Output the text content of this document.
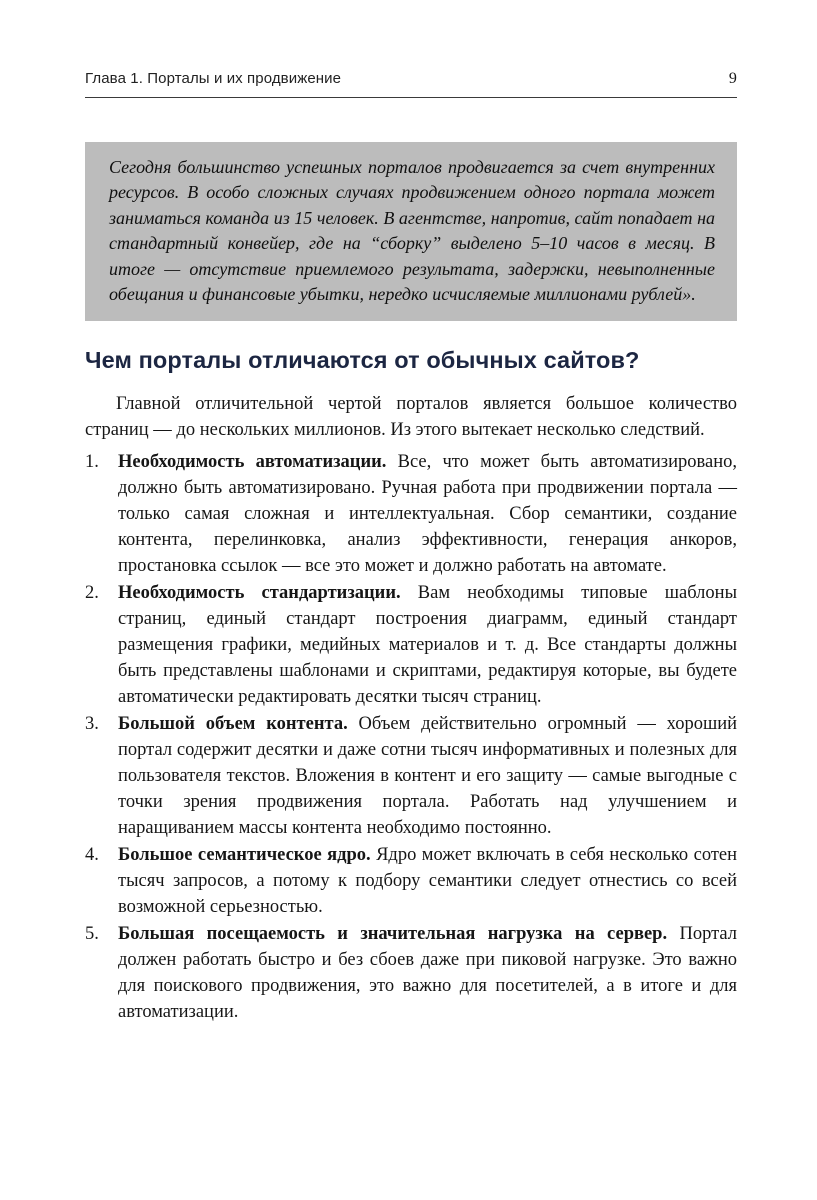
Глава 1. Порталы и их продвижение	9
Сегодня большинство успешных порталов продвигается за счет внутренних ресурсов. В особо сложных случаях продвижением одного портала может заниматься команда из 15 человек. В агентстве, напротив, сайт попадает на стандартный конвейер, где на “сборку” выделено 5–10 часов в месяц. В итоге — отсутствие приемлемого результата, задержки, невыполненные обещания и финансовые убытки, нередко исчисляемые миллионами рублей».
Чем порталы отличаются от обычных сайтов?

Главной отличительной чертой порталов является большое количество страниц — до нескольких миллионов. Из этого вытекает несколько следствий.

1.	Необходимость автоматизации. Все, что может быть автоматизировано, должно быть автоматизировано. Ручная работа при продвижении портала — только самая сложная и интеллектуальная. Сбор семантики, создание контента, перелинковка, анализ эффективности, генерация анкоров, простановка ссылок — все это может и должно работать на автомате.
2.	Необходимость стандартизации. Вам необходимы типовые шаблоны страниц, единый стандарт построения диаграмм, единый стандарт размещения графики, медийных материалов и т. д. Все стандарты должны быть представлены шаблонами и скриптами, редактируя которые, вы будете автоматически редактировать десятки тысяч страниц.
3.	Большой объем контента. Объем действительно огромный — хороший портал содержит десятки и даже сотни тысяч информативных и полезных для пользователя текстов. Вложения в контент и его защиту — самые выгодные с точки зрения продвижения портала. Работать над улучшением и наращиванием массы контента необходимо постоянно.
4.	Большое семантическое ядро. Ядро может включать в себя несколько сотен тысяч запросов, а потому к подбору семантики следует отнестись со всей возможной серьезностью.
5.	Большая посещаемость и значительная нагрузка на сервер. Портал должен работать быстро и без сбоев даже при пиковой нагрузке. Это важно для поискового продвижения, это важно для посетителей, а в итоге и для автоматизации.
